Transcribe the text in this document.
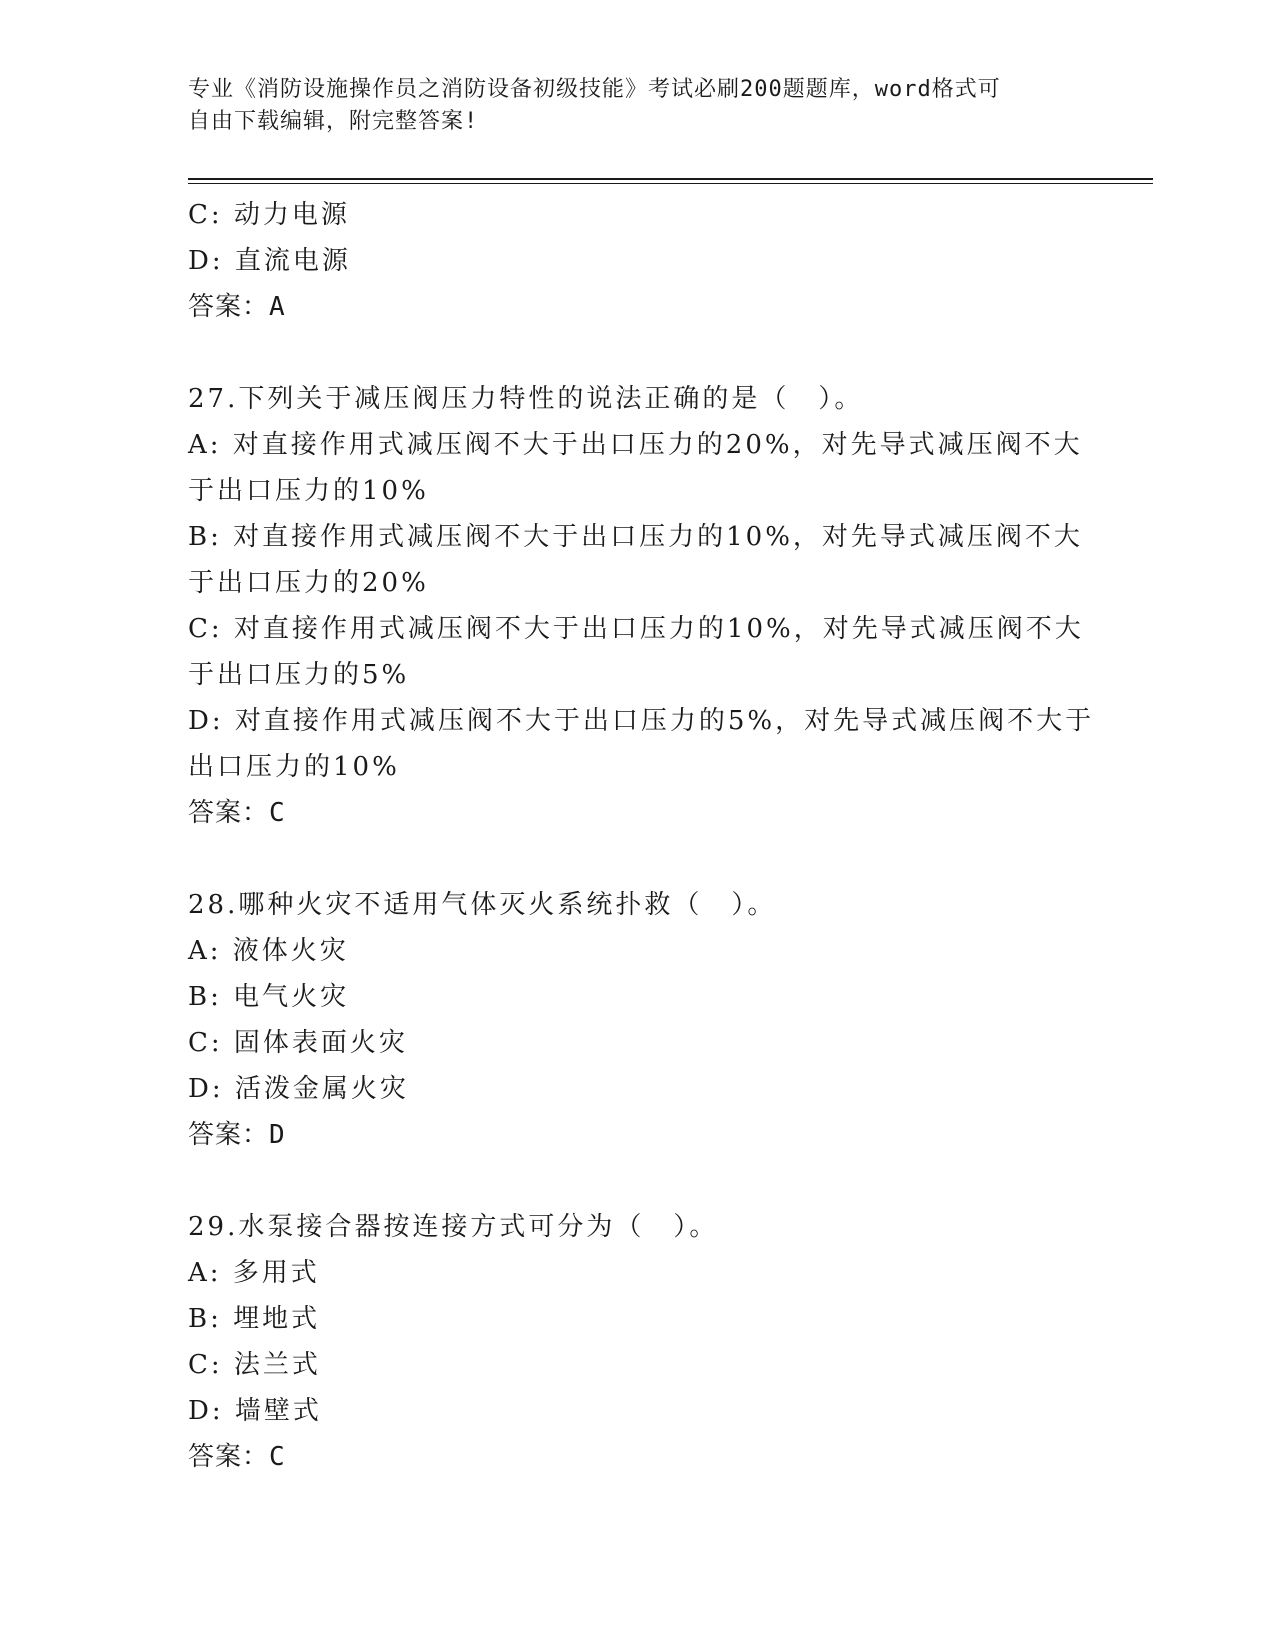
专业《消防设施操作员之消防设备初级技能》考试必刷200题题库，word格式可
自由下载编辑，附完整答案!
C: 动力电源
D: 直流电源
答案：A
27.下列关于减压阀压力特性的说法正确的是（　）。
A: 对直接作用式减压阀不大于出口压力的20%，对先导式减压阀不大
于出口压力的10%
B: 对直接作用式减压阀不大于出口压力的10%，对先导式减压阀不大
于出口压力的20%
C: 对直接作用式减压阀不大于出口压力的10%，对先导式减压阀不大
于出口压力的5%
D: 对直接作用式减压阀不大于出口压力的5%，对先导式减压阀不大于
出口压力的10%
答案：C
28.哪种火灾不适用气体灭火系统扑救（　）。
A: 液体火灾
B: 电气火灾
C: 固体表面火灾
D: 活泼金属火灾
答案：D
29.水泵接合器按连接方式可分为（　）。
A: 多用式
B: 埋地式
C: 法兰式
D: 墙壁式
答案：C
